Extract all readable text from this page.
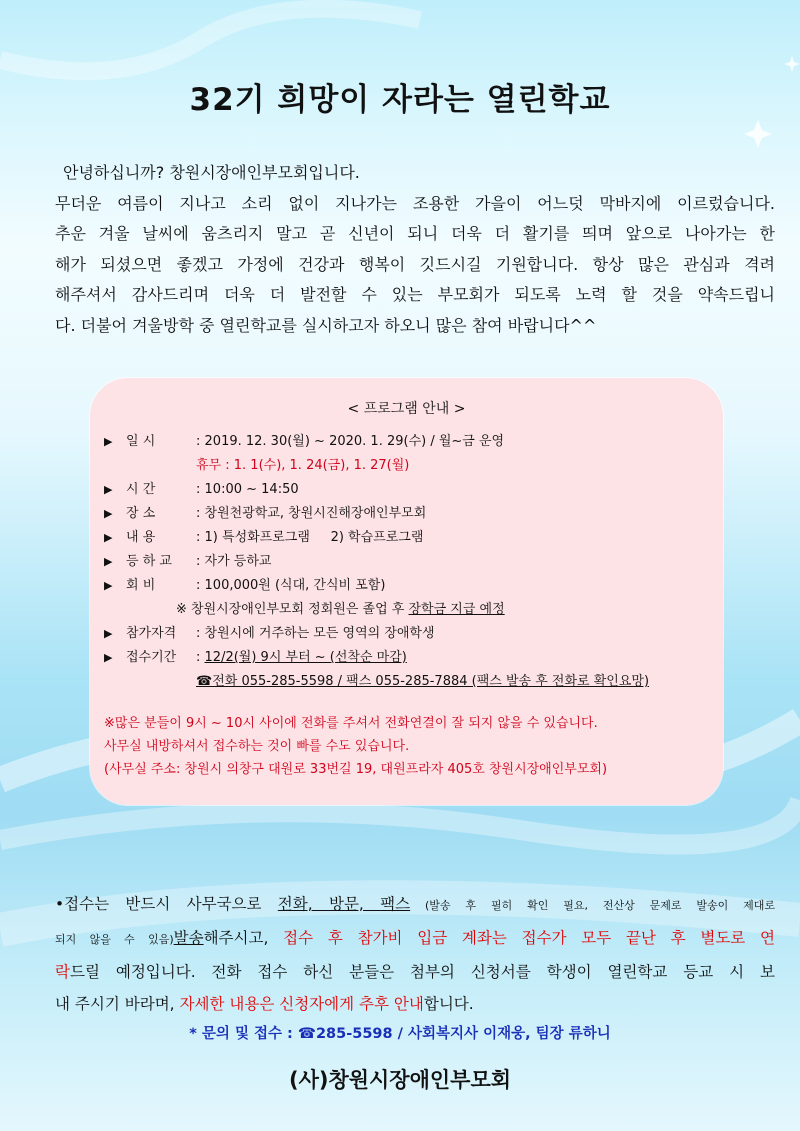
32기 희망이 자라는 열린학교

안녕하십니까? 창원시장애인부모회입니다.

무더운 여름이 지나고 소리 없이 지나가는 조용한 가을이 어느덧 막바지에 이르렀습니다.

추운 겨울 날씨에 움츠리지 말고 곧 신년이 되니 더욱 더 활기를 띄며 앞으로 나아가는 한

해가 되셨으면 좋겠고 가정에 건강과 행복이 깃드시길 기원합니다. 항상 많은 관심과 격려

해주셔서 감사드리며 더욱 더 발전할 수 있는 부모회가 되도록 노력 할 것을 약속드립니

다. 더불어 겨울방학 중 열린학교를 실시하고자 하오니 많은 참여 바랍니다^^

< 프로그램 안내 >
▶	일 시	:
2019. 12. 30(월) ~ 2020. 1. 29(수) / 월~금 운영
휴무 : 1. 1(수), 1. 24(금), 1. 27(월)
▶	시 간	:
10:00 ~ 14:50
▶	장 소	:
창원천광학교, 창원시진해장애인부모회
▶	내 용	:
1) 특성화프로그램     2) 학습프로그램
▶	등 하 교	:
자가 등하교
▶	회 비	:
100,000원 (식대, 간식비 포함)
※ 창원시장애인부모회 정회원은 졸업 후 장학금 지급 예정
▶	참가자격	:
창원시에 거주하는 모든 영역의 장애학생
▶	접수기간	:
12/2(월) 9시 부터 ~ (선착순 마감)
☎전화 055-285-5598 / 팩스 055-285-7884 (팩스 발송 후 전화로 확인요망)
※많은 분들이 9시 ~ 10시 사이에 전화를 주셔서 전화연결이 잘 되지 않을 수 있습니다.
사무실 내방하셔서 접수하는 것이 빠를 수도 있습니다.
(사무실 주소: 창원시 의창구 대원로 33번길 19, 대원프라자 405호 창원시장애인부모회)

•접수는 반드시 사무국으로 전화, 방문, 팩스 (발송 후 필히 확인 필요, 전산상 문제로 발송이 제대로

되지 않을 수 있음)발송해주시고, 접수 후 참가비 입금 계좌는 접수가 모두 끝난 후 별도로 연

락드릴 예정입니다. 전화 접수 하신 분들은 첨부의 신청서를 학생이 열린학교 등교 시 보

내 주시기 바라며, 자세한 내용은 신청자에게 추후 안내합니다.

* 문의 및 접수 : ☎285-5598 / 사회복지사 이재웅, 팀장 류하니
(사)창원시장애인부모회
